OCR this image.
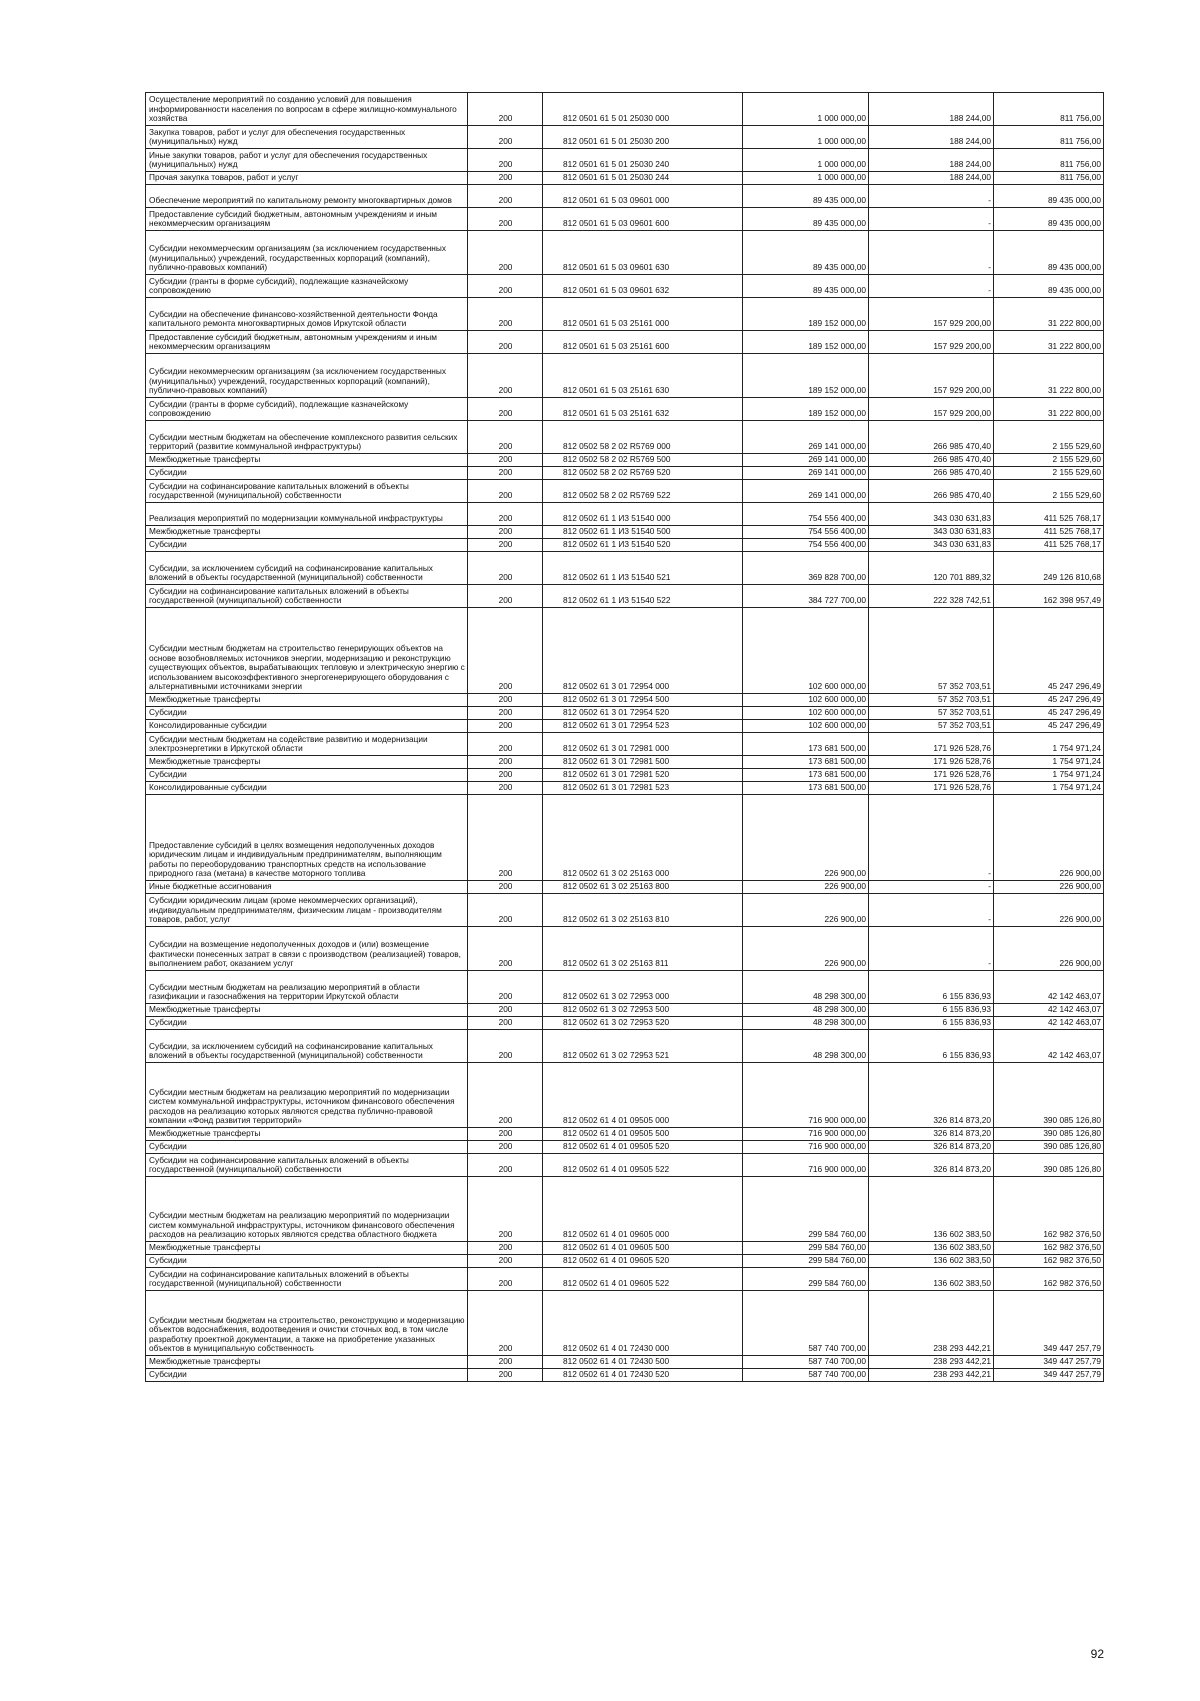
Осуществление мероприятий по созданию условий для повышения информированности населения по вопросам в сфере жилищно-коммунального хозяйства	200	812 0501 61 5 01 25030 000	1 000 000,00	188 244,00	811 756,00
Закупка товаров, работ и услуг для обеспечения государственных (муниципальных) нужд	200	812 0501 61 5 01 25030 200	1 000 000,00	188 244,00	811 756,00
Иные закупки товаров, работ и услуг для обеспечения государственных (муниципальных) нужд	200	812 0501 61 5 01 25030 240	1 000 000,00	188 244,00	811 756,00
Прочая закупка товаров, работ и услуг	200	812 0501 61 5 01 25030 244	1 000 000,00	188 244,00	811 756,00
Обеспечение мероприятий по капитальному ремонту многоквартирных домов	200	812 0501 61 5 03 09601 000	89 435 000,00	-	89 435 000,00
Предоставление субсидий бюджетным, автономным учреждениям и иным некоммерческим организациям	200	812 0501 61 5 03 09601 600	89 435 000,00	-	89 435 000,00
Субсидии некоммерческим организациям (за исключением государственных (муниципальных) учреждений, государственных корпораций (компаний), публично-правовых компаний)	200	812 0501 61 5 03 09601 630	89 435 000,00	-	89 435 000,00
Субсидии (гранты в форме субсидий), подлежащие казначейскому сопровождению	200	812 0501 61 5 03 09601 632	89 435 000,00	-	89 435 000,00
Субсидии на обеспечение финансово-хозяйственной деятельности Фонда капитального ремонта многоквартирных домов Иркутской области	200	812 0501 61 5 03 25161 000	189 152 000,00	157 929 200,00	31 222 800,00
Предоставление субсидий бюджетным, автономным учреждениям и иным некоммерческим организациям	200	812 0501 61 5 03 25161 600	189 152 000,00	157 929 200,00	31 222 800,00
Субсидии некоммерческим организациям (за исключением государственных (муниципальных) учреждений, государственных корпораций (компаний), публично-правовых компаний)	200	812 0501 61 5 03 25161 630	189 152 000,00	157 929 200,00	31 222 800,00
Субсидии (гранты в форме субсидий), подлежащие казначейскому сопровождению	200	812 0501 61 5 03 25161 632	189 152 000,00	157 929 200,00	31 222 800,00
Субсидии местным бюджетам на обеспечение комплексного развития сельских территорий (развитие коммунальной инфраструктуры)	200	812 0502 58 2 02 R5769 000	269 141 000,00	266 985 470,40	2 155 529,60
Межбюджетные трансферты	200	812 0502 58 2 02 R5769 500	269 141 000,00	266 985 470,40	2 155 529,60
Субсидии	200	812 0502 58 2 02 R5769 520	269 141 000,00	266 985 470,40	2 155 529,60
Субсидии на софинансирование капитальных вложений в объекты государственной (муниципальной) собственности	200	812 0502 58 2 02 R5769 522	269 141 000,00	266 985 470,40	2 155 529,60
Реализация мероприятий по модернизации коммунальной инфраструктуры	200	812 0502 61 1 И3 51540 000	754 556 400,00	343 030 631,83	411 525 768,17
Межбюджетные трансферты	200	812 0502 61 1 И3 51540 500	754 556 400,00	343 030 631,83	411 525 768,17
Субсидии	200	812 0502 61 1 И3 51540 520	754 556 400,00	343 030 631,83	411 525 768,17
Субсидии, за исключением субсидий на софинансирование капитальных вложений в объекты государственной (муниципальной) собственности	200	812 0502 61 1 И3 51540 521	369 828 700,00	120 701 889,32	249 126 810,68
Субсидии на софинансирование капитальных вложений в объекты государственной (муниципальной) собственности	200	812 0502 61 1 И3 51540 522	384 727 700,00	222 328 742,51	162 398 957,49
Субсидии местным бюджетам на строительство генерирующих объектов на основе возобновляемых источников энергии, модернизацию и реконструкцию существующих объектов, вырабатывающих тепловую и электрическую энергию с использованием высокоэффективного энергогенерирующего оборудования с альтернативными источниками энергии	200	812 0502 61 3 01 72954 000	102 600 000,00	57 352 703,51	45 247 296,49
Межбюджетные трансферты	200	812 0502 61 3 01 72954 500	102 600 000,00	57 352 703,51	45 247 296,49
Субсидии	200	812 0502 61 3 01 72954 520	102 600 000,00	57 352 703,51	45 247 296,49
Консолидированные субсидии	200	812 0502 61 3 01 72954 523	102 600 000,00	57 352 703,51	45 247 296,49
Субсидии местным бюджетам на содействие развитию и модернизации электроэнергетики в Иркутской области	200	812 0502 61 3 01 72981 000	173 681 500,00	171 926 528,76	1 754 971,24
Межбюджетные трансферты	200	812 0502 61 3 01 72981 500	173 681 500,00	171 926 528,76	1 754 971,24
Субсидии	200	812 0502 61 3 01 72981 520	173 681 500,00	171 926 528,76	1 754 971,24
Консолидированные субсидии	200	812 0502 61 3 01 72981 523	173 681 500,00	171 926 528,76	1 754 971,24
Предоставление субсидий в целях возмещения недополученных доходов юридическим лицам и индивидуальным предпринимателям, выполняющим работы по переоборудованию транспортных средств на использование природного газа (метана) в качестве моторного топлива	200	812 0502 61 3 02 25163 000	226 900,00	-	226 900,00
Иные бюджетные ассигнования	200	812 0502 61 3 02 25163 800	226 900,00	-	226 900,00
Субсидии юридическим лицам (кроме некоммерческих организаций), индивидуальным предпринимателям, физическим лицам - производителям товаров, работ, услуг	200	812 0502 61 3 02 25163 810	226 900,00	-	226 900,00
Субсидии на возмещение недополученных доходов и (или) возмещение фактически понесенных затрат в связи с производством (реализацией) товаров, выполнением работ, оказанием услуг	200	812 0502 61 3 02 25163 811	226 900,00	-	226 900,00
Субсидии местным бюджетам на реализацию мероприятий в области газификации и газоснабжения на территории Иркутской области	200	812 0502 61 3 02 72953 000	48 298 300,00	6 155 836,93	42 142 463,07
Межбюджетные трансферты	200	812 0502 61 3 02 72953 500	48 298 300,00	6 155 836,93	42 142 463,07
Субсидии	200	812 0502 61 3 02 72953 520	48 298 300,00	6 155 836,93	42 142 463,07
Субсидии, за исключением субсидий на софинансирование капитальных вложений в объекты государственной (муниципальной) собственности	200	812 0502 61 3 02 72953 521	48 298 300,00	6 155 836,93	42 142 463,07
Субсидии местным бюджетам на реализацию мероприятий по модернизации систем коммунальной инфраструктуры, источником финансового обеспечения расходов на реализацию которых являются средства публично-правовой компании «Фонд развития территорий»	200	812 0502 61 4 01 09505 000	716 900 000,00	326 814 873,20	390 085 126,80
Межбюджетные трансферты	200	812 0502 61 4 01 09505 500	716 900 000,00	326 814 873,20	390 085 126,80
Субсидии	200	812 0502 61 4 01 09505 520	716 900 000,00	326 814 873,20	390 085 126,80
Субсидии на софинансирование капитальных вложений в объекты государственной (муниципальной) собственности	200	812 0502 61 4 01 09505 522	716 900 000,00	326 814 873,20	390 085 126,80
Субсидии местным бюджетам на реализацию мероприятий по модернизации систем коммунальной инфраструктуры, источником финансового обеспечения расходов на реализацию которых являются средства областного бюджета	200	812 0502 61 4 01 09605 000	299 584 760,00	136 602 383,50	162 982 376,50
Межбюджетные трансферты	200	812 0502 61 4 01 09605 500	299 584 760,00	136 602 383,50	162 982 376,50
Субсидии	200	812 0502 61 4 01 09605 520	299 584 760,00	136 602 383,50	162 982 376,50
Субсидии на софинансирование капитальных вложений в объекты государственной (муниципальной) собственности	200	812 0502 61 4 01 09605 522	299 584 760,00	136 602 383,50	162 982 376,50
Субсидии местным бюджетам на строительство, реконструкцию и модернизацию объектов водоснабжения, водоотведения и очистки сточных вод, в том числе разработку проектной документации, а также на приобретение указанных объектов в муниципальную собственность	200	812 0502 61 4 01 72430 000	587 740 700,00	238 293 442,21	349 447 257,79
Межбюджетные трансферты	200	812 0502 61 4 01 72430 500	587 740 700,00	238 293 442,21	349 447 257,79
Субсидии	200	812 0502 61 4 01 72430 520	587 740 700,00	238 293 442,21	349 447 257,79
92
